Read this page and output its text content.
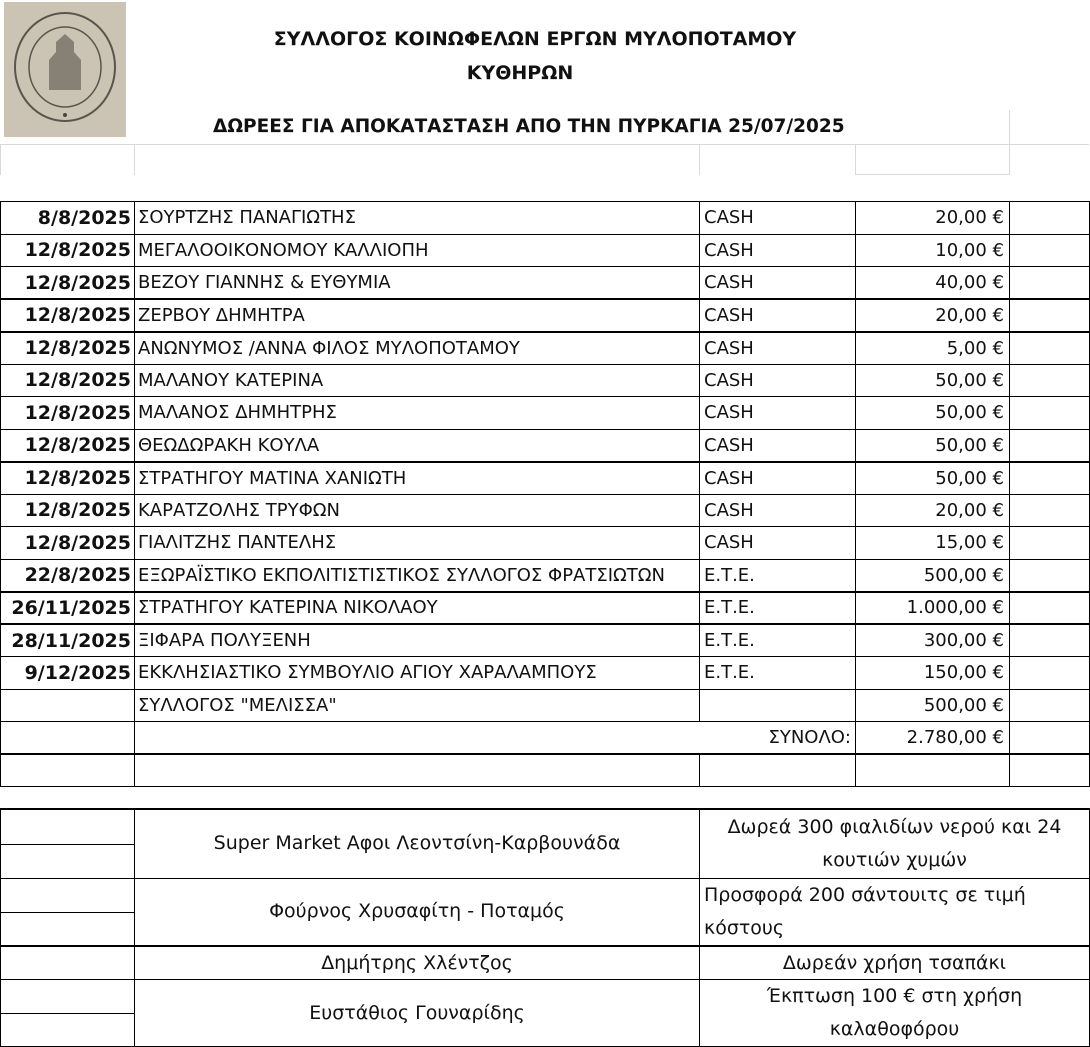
ΣΥΛΛΟΓΟΣ ΚΟΙΝΩΦΕΛΩΝ ΕΡΓΩΝ ΜΥΛΟΠΟΤΑΜΟΥ
ΚΥΘΗΡΩΝ
ΔΩΡΕΕΣ ΓΙΑ ΑΠΟΚΑΤΑΣΤΑΣΗ ΑΠΟ ΤΗΝ ΠΥΡΚΑΓΙΑ 25/07/2025
8/8/2025	ΣΟΥΡΤΖΗΣ ΠΑΝΑΓΙΩΤΗΣ	CASH	20,00 €	
12/8/2025	ΜΕΓΑΛΟΟΙΚΟΝΟΜΟΥ ΚΑΛΛΙΟΠΗ	CASH	10,00 €	
12/8/2025	ΒΕΖΟΥ ΓΙΑΝΝΗΣ & ΕΥΘΥΜΙΑ	CASH	40,00 €	
12/8/2025	ΖΕΡΒΟΥ ΔΗΜΗΤΡΑ	CASH	20,00 €	
12/8/2025	ΑΝΩΝΥΜΟΣ /ΑΝΝΑ ΦΙΛΟΣ ΜΥΛΟΠΟΤΑΜΟΥ	CASH	5,00 €	
12/8/2025	ΜΑΛΑΝΟΥ ΚΑΤΕΡΙΝΑ	CASH	50,00 €	
12/8/2025	ΜΑΛΑΝΟΣ ΔΗΜΗΤΡΗΣ	CASH	50,00 €	
12/8/2025	ΘΕΩΔΩΡΑΚΗ ΚΟΥΛΑ	CASH	50,00 €	
12/8/2025	ΣΤΡΑΤΗΓΟΥ ΜΑΤΙΝΑ ΧΑΝΙΩΤΗ	CASH	50,00 €	
12/8/2025	ΚΑΡΑΤΖΟΛΗΣ ΤΡΥΦΩΝ	CASH	20,00 €	
12/8/2025	ΓΙΑΛΙΤΖΗΣ ΠΑΝΤΕΛΗΣ	CASH	15,00 €	
22/8/2025	ΕΞΩΡΑΪΣΤΙΚΟ ΕΚΠΟΛΙΤΙΣΤΙΣΤΙΚΟΣ ΣΥΛΛΟΓΟΣ ΦΡΑΤΣΙΩΤΩΝ	Ε.Τ.Ε.	500,00 €	
26/11/2025	ΣΤΡΑΤΗΓΟΥ ΚΑΤΕΡΙΝΑ ΝΙΚΟΛΑΟΥ	Ε.Τ.Ε.	1.000,00 €	
28/11/2025	ΞΙΦΑΡΑ ΠΟΛΥΞΕΝΗ	Ε.Τ.Ε.	300,00 €	
9/12/2025	ΕΚΚΛΗΣΙΑΣΤΙΚΟ ΣΥΜΒΟΥΛΙΟ ΑΓΙΟΥ ΧΑΡΑΛΑΜΠΟΥΣ	Ε.Τ.Ε.	150,00 €	
	ΣΥΛΛΟΓΟΣ "ΜΕΛΙΣΣΑ"		500,00 €	
	ΣΥΝΟΛΟ:		2.780,00 €	

	Super Market Αφοι Λεοντσίνη-Καρβουνάδα	Δωρεά 300 φιαλιδίων νερού και 24 κουτιών χυμών

	Φούρνος Χρυσαφίτη - Ποταμός	Προσφορά 200 σάντουιτς σε τιμή κόστους
	Δημήτρης Χλέντζος	Δωρεάν χρήση τσαπάκι

	Ευστάθιος Γουναρίδης	Έκπτωση 100 € στη χρήση καλαθοφόρου
